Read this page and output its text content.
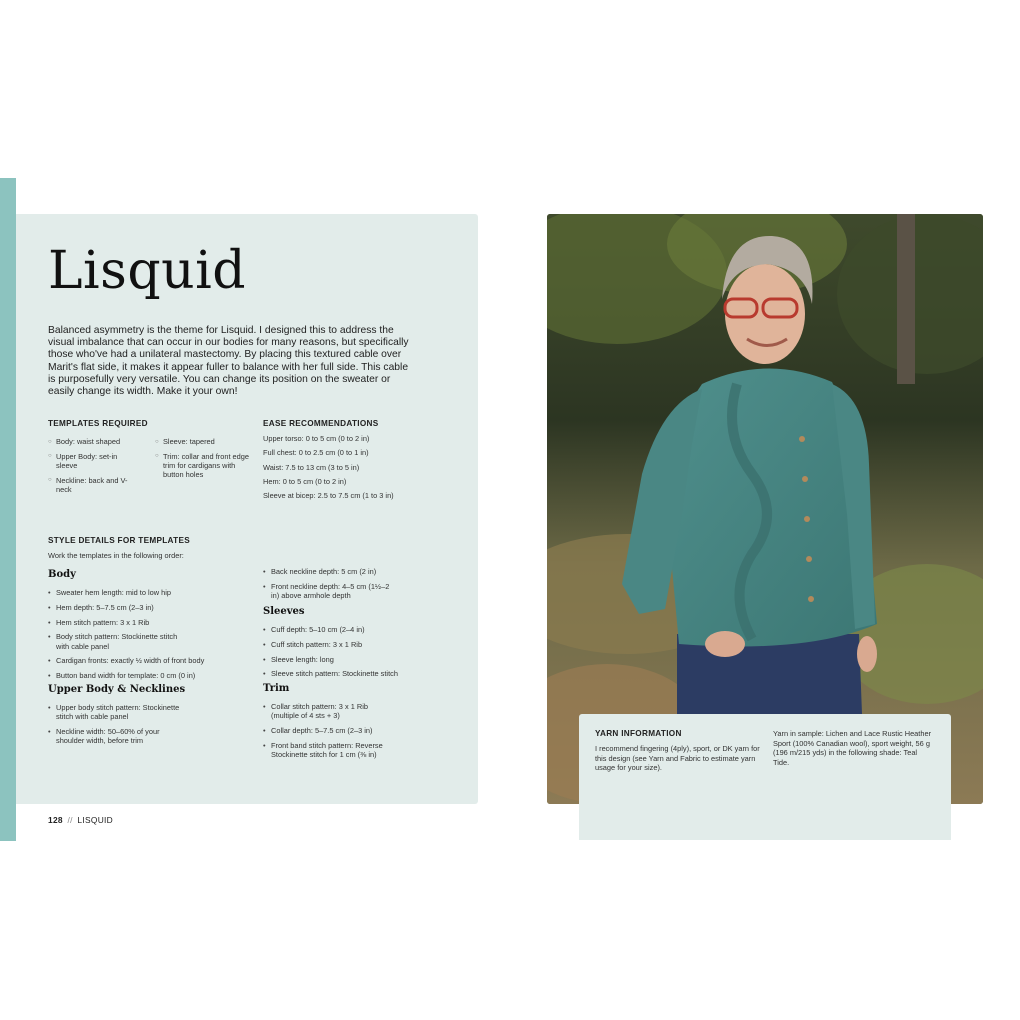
Lisquid

Balanced asymmetry is the theme for Lisquid. I designed this to address the visual imbalance that can occur in our bodies for many reasons, but specifically those who've had a unilateral mastectomy. By placing this textured cable over Marit's flat side, it makes it appear fuller to balance with her full side. This cable is purposefully very versatile. You can change its position on the sweater or easily change its width. Make it your own!

TEMPLATES REQUIRED
○ Body: waist shaped
○ Upper Body: set-in sleeve
○ Neckline: back and V-neck
○ Sleeve: tapered
○ Trim: collar and front edge trim for cardigans with button holes
EASE RECOMMENDATIONS
Upper torso: 0 to 5 cm (0 to 2 in)
Full chest: 0 to 2.5 cm (0 to 1 in)
Waist: 7.5 to 13 cm (3 to 5 in)
Hem: 0 to 5 cm (0 to 2 in)
Sleeve at bicep: 2.5 to 7.5 cm (1 to 3 in)
STYLE DETAILS FOR TEMPLATES
Work the templates in the following order:
Body
• Sweater hem length: mid to low hip
• Hem depth: 5–7.5 cm (2–3 in)
• Hem stitch pattern: 3 x 1 Rib
• Body stitch pattern: Stockinette stitch with cable panel
• Cardigan fronts: exactly ½ width of front body
• Button band width for template: 0 cm (0 in)
Upper Body & Necklines
• Upper body stitch pattern: Stockinette stitch with cable panel
• Neckline width: 50–60% of your shoulder width, before trim
• Back neckline depth: 5 cm (2 in)
• Front neckline depth: 4–5 cm (1½–2 in) above armhole depth
Sleeves
• Cuff depth: 5–10 cm (2–4 in)
• Cuff stitch pattern: 3 x 1 Rib
• Sleeve length: long
• Sleeve stitch pattern: Stockinette stitch
Trim
• Collar stitch pattern: 3 x 1 Rib (multiple of 4 sts + 3)
• Collar depth: 5–7.5 cm (2–3 in)
• Front band stitch pattern: Reverse Stockinette stitch for 1 cm (⅜ in)
128 // LISQUID
YARN INFORMATION

I recommend fingering (4ply), sport, or DK yarn for this design (see Yarn and Fabric to estimate yarn usage for your size).

Yarn in sample: Lichen and Lace Rustic Heather Sport (100% Canadian wool), sport weight, 56 g (196 m/215 yds) in the following shade: Teal Tide.
